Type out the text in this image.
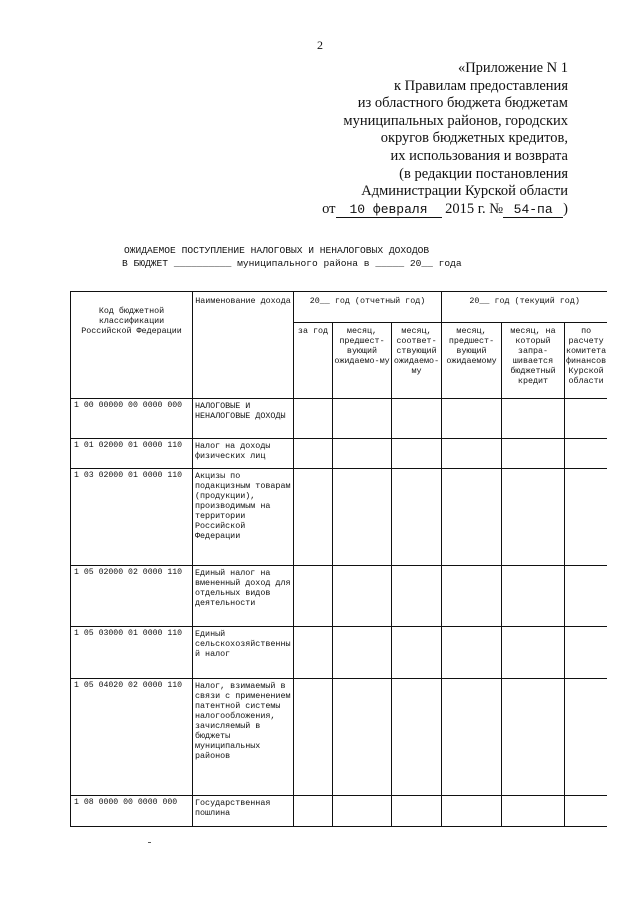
2
«Приложение N 1
к Правилам предоставления
из областного бюджета бюджетам
муниципальных районов, городских
округов бюджетных кредитов,
их использования и возврата
(в редакции постановления
Администрации Курской области
от 10 февраля 2015 г. № 54-па )
ОЖИДАЕМОЕ ПОСТУПЛЕНИЕ НАЛОГОВЫХ И НЕНАЛОГОВЫХ ДОХОДОВ
В БЮДЖЕТ __________ муниципального района в _____ 20__ года
Код бюджетной классификации Российской Федерации	Наименование дохода	20__ год (отчетный год)			20__ год (текущий год)		
		за год	месяц, предшест-вующий ожидаемо-му	месяц, соответ-ствующий ожидаемо-му	месяц, предшест-вующий ожидаемому	месяц, на который запра-шивается бюджетный кредит	по расчету комитета финансов Курской области
1 00 00000 00 0000 000	НАЛОГОВЫЕ И НЕНАЛОГОВЫЕ ДОХОДЫ						
1 01 02000 01 0000 110	Налог на доходы физических лиц						
1 03 02000 01 0000 110	Акцизы по подакцизным товарам (продукции), производимым на территории Российской Федерации						
1 05 02000 02 0000 110	Единый налог на вмененный доход для отдельных видов деятельности						
1 05 03000 01 0000 110	Единый сельскохозяйственный налог						
1 05 04020 02 0000 110	Налог, взимаемый в связи с применением патентной системы налогообложения, зачисляемый в бюджеты муниципальных районов						
1 08 0000 00 0000 000	Государственная пошлина						
